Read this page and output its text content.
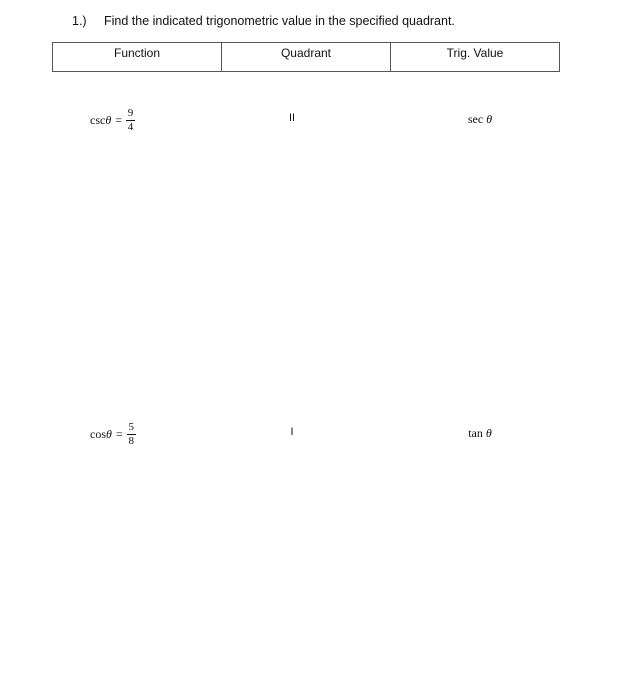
1.) Find the indicated trigonometric value in the specified quadrant.
Function	Quadrant	Trig. Value
$\csc \theta = \frac{9}{4}$	II	sec θ
$\cos \theta = \frac{5}{8}$	I	tan θ
